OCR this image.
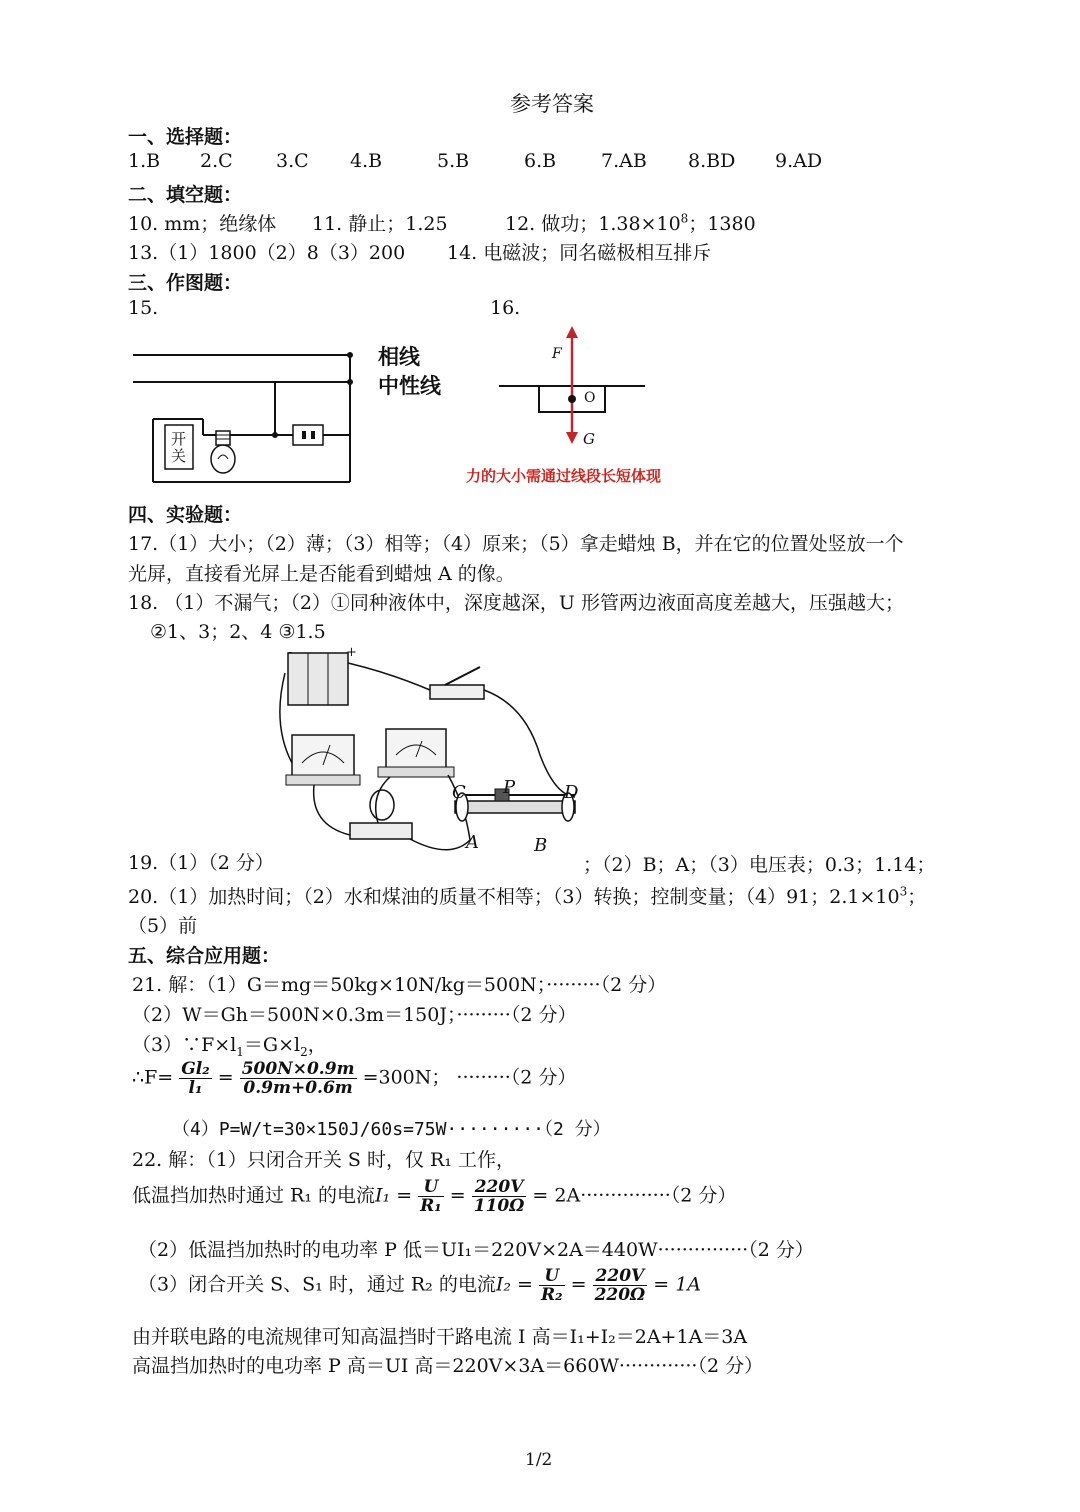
参考答案
一、选择题：
1.B 2.C 3.C 4.B	5.B	6.B 7.AB 8.BD 9.AD
二、填空题：
10. mm；绝缘体 11. 静止；1.25	12. 做功；$1.38\times 10^8$；1380
13.（1）1800（2）8（3）200 14. 电磁波；同名磁极相互排斥
三、作图题：
15.	16.
开
关
相线
中性线
F
G
O
力的大小需通过线段长短体现
四、实验题：
17.（1）大小；（2）薄；（3）相等；（4）原来；（5）拿走蜡烛 B，并在它的位置处竖放一个
光屏，直接看光屏上是否能看到蜡烛 A 的像。
18. （1）不漏气；（2）①同种液体中，深度越深，U 形管两边液面高度差越大，压强越大；
②1、3；2、4 ③1.5
-	+
C P	D
A	B
19.（1）（2 分）	；（2）B；A；（3）电压表；0.3；1.14；
20.（1）加热时间；（2）水和煤油的质量不相等；（3）转换；控制变量；（4）91；$2.1\times 10^3$；
（5）前
五、综合应用题：
21. 解：（1）G＝mg＝50kg×10N/kg＝500N；·········（2 分）
（2）W＝Gh＝500N×0.3m＝150J；·········（2 分）
$(3)\because F\times l_1=G\times l_2$，
∴F= $\frac{\text{Gl₂}}{\text{l₁}} = \frac{500N\times 0.9m}{0.9m+0.6m} =300N$； ·········（2 分）
（4）P=W/t=30×150J/60s=75W·········（2 分）
22. 解：（1）只闭合开关 S 时，仅 R₁ 工作，
低温挡加热时通过 R₁ 的电流$I_1 = \frac{U}{\text{R₁}} = \frac{220V}{110\Omega} = 2A\cdot\cdot\cdot\cdot\cdot\cdot\cdot\cdot\cdot\cdot\cdot\cdot\cdot\cdot\cdot(2$ 分）
（2）低温挡加热时的电功率 P 低＝UI₁＝220V×2A＝440W···············（2 分）
（3）闭合开关 S、S₁ 时，通过 R₂ 的电流$I_2 = \frac{U}{\text{R₂}} = \frac{220V}{220\Omega} = 1A$
由并联电路的电流规律可知高温挡时干路电流 I 高＝I₁+I₂＝2A+1A＝3A
高温挡加热时的电功率 P 高＝UI 高＝220V×3A＝660W·············（2 分）
1/2
